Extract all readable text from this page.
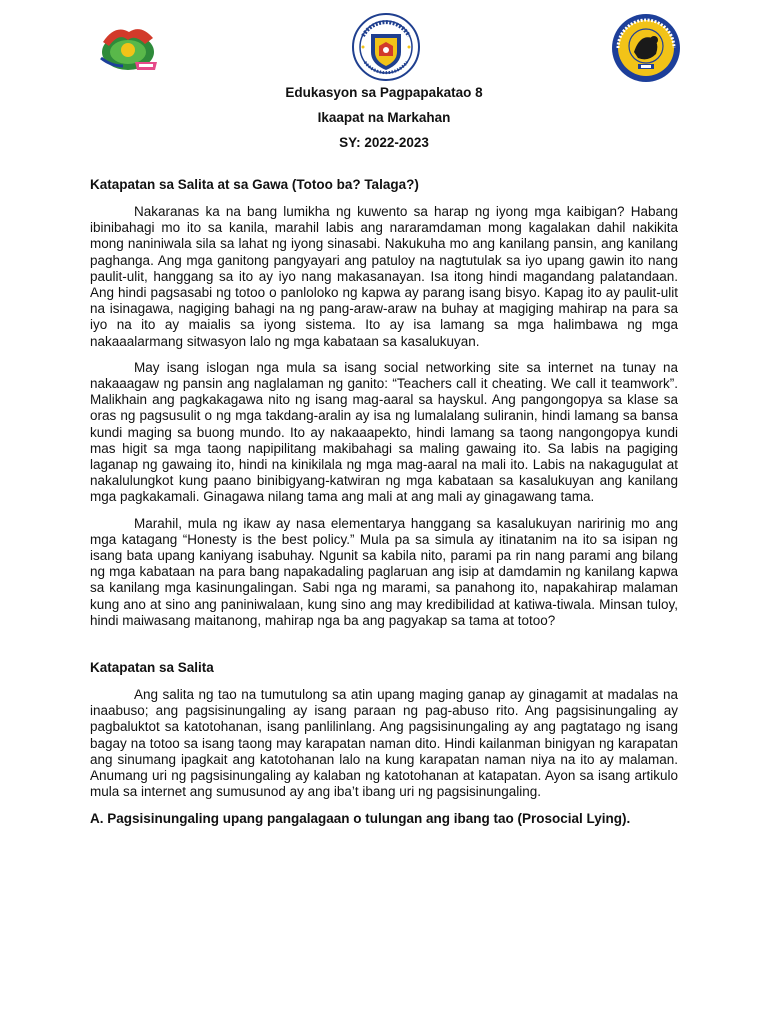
Edukasyon sa Pagpapakatao 8
Ikaapat na Markahan
SY: 2022-2023
Katapatan sa Salita at sa Gawa (Totoo ba? Talaga?)

Nakaranas ka na bang lumikha ng kuwento sa harap ng iyong mga kaibigan? Habang ibinibahagi mo ito sa kanila, marahil labis ang nararamdaman mong kagalakan dahil nakikita mong naniniwala sila sa lahat ng iyong sinasabi. Nakukuha mo ang kanilang pansin, ang kanilang paghanga. Ang mga ganitong pangyayari ang patuloy na nagtutulak sa iyo upang gawin ito nang paulit-ulit, hanggang sa ito ay iyo nang makasanayan. Isa itong hindi magandang palatandaan. Ang hindi pagsasabi ng totoo o panloloko ng kapwa ay parang isang bisyo. Kapag ito ay paulit-ulit na isinagawa, nagiging bahagi na ng pang-araw-araw na buhay at magiging mahirap na para sa iyo na ito ay maialis sa iyong sistema. Ito ay isa lamang sa mga halimbawa ng mga nakaaalarmang sitwasyon lalo ng mga kabataan sa kasalukuyan.

May isang islogan nga mula sa isang social networking site sa internet na tunay na nakaaagaw ng pansin ang naglalaman ng ganito: “Teachers call it cheating. We call it teamwork”. Malikhain ang pagkakagawa nito ng isang mag-aaral sa hayskul. Ang pangongopya sa klase sa oras ng pagsusulit o ng mga takdang-aralin ay isa ng lumalalang suliranin, hindi lamang sa bansa kundi maging sa buong mundo. Ito ay nakaaapekto, hindi lamang sa taong nangongopya kundi mas higit sa mga taong napipilitang makibahagi sa maling gawaing ito. Sa labis na pagiging laganap ng gawaing ito, hindi na kinikilala ng mga mag-aaral na mali ito. Labis na nakagugulat at nakalulungkot kung paano binibigyang-katwiran ng mga kabataan sa kasalukuyan ang kanilang mga pagkakamali. Ginagawa nilang tama ang mali at ang mali ay ginagawang tama.

Marahil, mula ng ikaw ay nasa elementarya hanggang sa kasalukuyan naririnig mo ang mga katagang “Honesty is the best policy.” Mula pa sa simula ay itinatanim na ito sa isipan ng isang bata upang kaniyang isabuhay. Ngunit sa kabila nito, parami pa rin nang parami ang bilang ng mga kabataan na para bang napakadaling paglaruan ang isip at damdamin ng kanilang kapwa sa kanilang mga kasinungalingan. Sabi nga ng marami, sa panahong ito, napakahirap malaman kung ano at sino ang paniniwalaan, kung sino ang may kredibilidad at katiwa-tiwala. Minsan tuloy, hindi maiwasang maitanong, mahirap nga ba ang pagyakap sa tama at totoo?

Katapatan sa Salita

Ang salita ng tao na tumutulong sa atin upang maging ganap ay ginagamit at madalas na inaabuso; ang pagsisinungaling ay isang paraan ng pag-abuso rito. Ang pagsisinungaling ay pagbaluktot sa katotohanan, isang panlilinlang. Ang pagsisinungaling ay ang pagtatago ng isang bagay na totoo sa isang taong may karapatan naman dito. Hindi kailanman binigyan ng karapatan ang sinumang ipagkait ang katotohanan lalo na kung karapatan naman niya na ito ay malaman. Anumang uri ng pagsisinungaling ay kalaban ng katotohanan at katapatan. Ayon sa isang artikulo mula sa internet ang sumusunod ay ang iba’t ibang uri ng pagsisinungaling.

A. Pagsisinungaling upang pangalagaan o tulungan ang ibang tao (Prosocial Lying).
